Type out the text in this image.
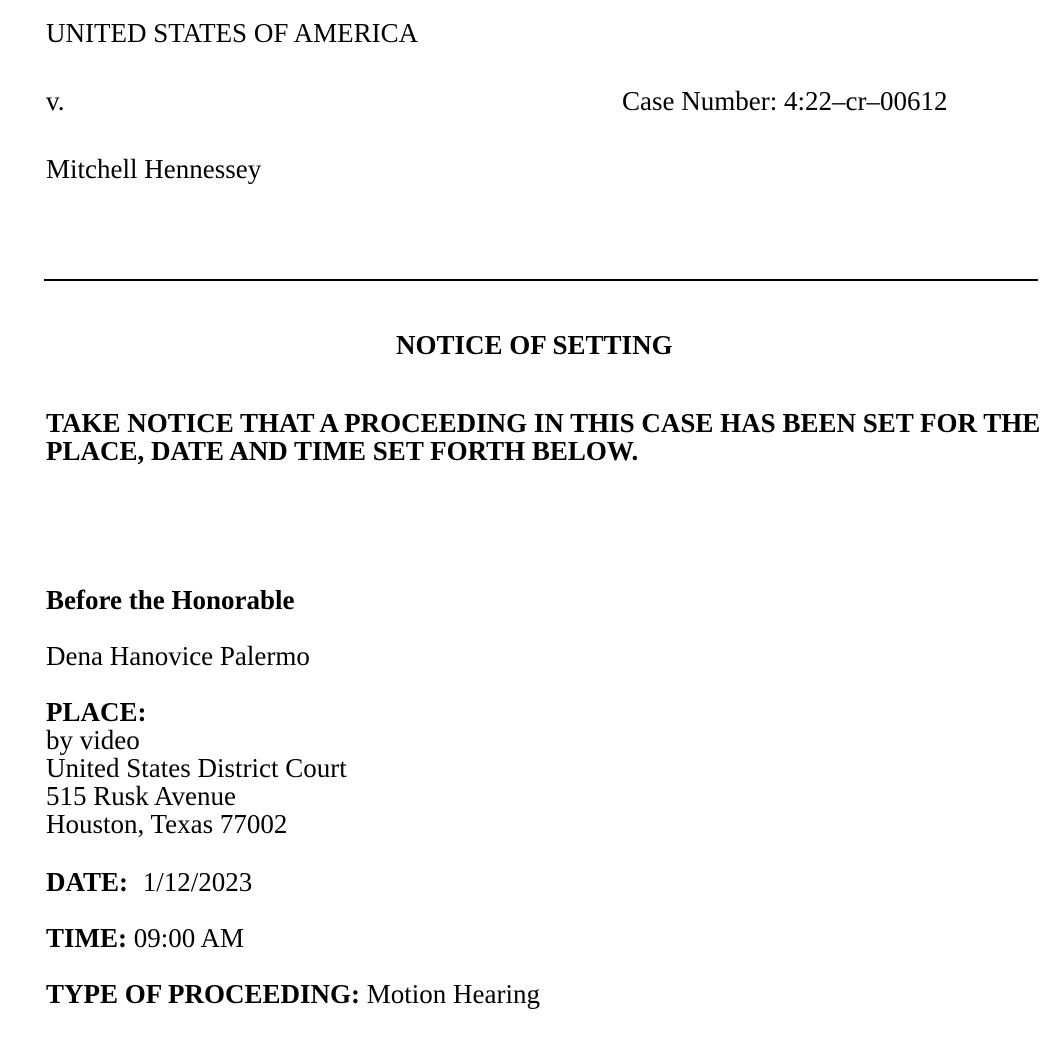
UNITED STATES OF AMERICA
v.	Case Number: 4:22–cr–00612
Mitchell Hennessey
NOTICE OF SETTING
TAKE NOTICE THAT A PROCEEDING IN THIS CASE HAS BEEN SET FOR THE PLACE, DATE AND TIME SET FORTH BELOW.
Before the Honorable
Dena Hanovice Palermo
PLACE:
by video
United States District Court
515 Rusk Avenue
Houston, Texas 77002
DATE: 1/12/2023
TIME: 09:00 AM
TYPE OF PROCEEDING: Motion Hearing
